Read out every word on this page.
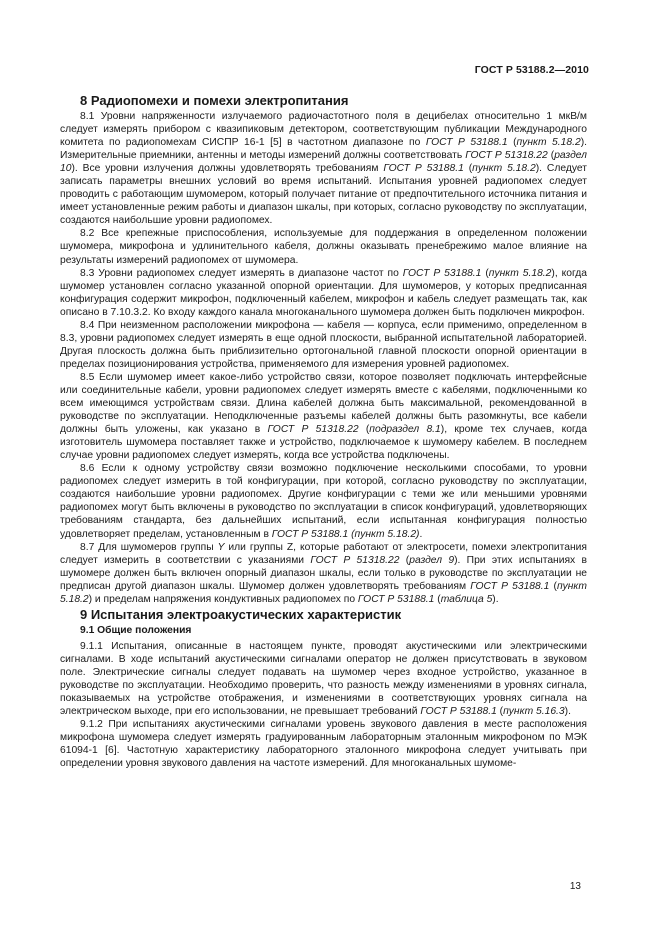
ГОСТ Р 53188.2—2010
8 Радиопомехи и помехи электропитания

8.1 Уровни напряженности излучаемого радиочастотного поля в децибелах относительно 1 мкВ/м следует измерять прибором с квазипиковым детектором, соответствующим публикации Международного комитета по радиопомехам СИСПР 16-1 [5] в частотном диапазоне по ГОСТ Р 53188.1 (пункт 5.18.2). Измерительные приемники, антенны и методы измерений должны соответствовать ГОСТ Р 51318.22 (раздел 10). Все уровни излучения должны удовлетворять требованиям ГОСТ Р 53188.1 (пункт 5.18.2). Следует записать параметры внешних условий во время испытаний. Испытания уровней радиопомех следует проводить с работающим шумомером, который получает питание от предпочтительного источника питания и имеет установленные режим работы и диапазон шкалы, при которых, согласно руководству по эксплуатации, создаются наибольшие уровни радиопомех.

8.2 Все крепежные приспособления, используемые для поддержания в определенном положении шумомера, микрофона и удлинительного кабеля, должны оказывать пренебрежимо малое влияние на результаты измерений радиопомех от шумомера.

8.3 Уровни радиопомех следует измерять в диапазоне частот по ГОСТ Р 53188.1 (пункт 5.18.2), когда шумомер установлен согласно указанной опорной ориентации. Для шумомеров, у которых предписанная конфигурация содержит микрофон, подключенный кабелем, микрофон и кабель следует размещать так, как описано в 7.10.3.2. Ко входу каждого канала многоканального шумомера должен быть подключен микрофон.

8.4 При неизменном расположении микрофона — кабеля — корпуса, если применимо, определенном в 8.3, уровни радиопомех следует измерять в еще одной плоскости, выбранной испытательной лабораторией. Другая плоскость должна быть приблизительно ортогональной главной плоскости опорной ориентации в пределах позиционирования устройства, применяемого для измерения уровней радиопомех.

8.5 Если шумомер имеет какое-либо устройство связи, которое позволяет подключать интерфейсные или соединительные кабели, уровни радиопомех следует измерять вместе с кабелями, подключенными ко всем имеющимся устройствам связи. Длина кабелей должна быть максимальной, рекомендованной в руководстве по эксплуатации. Неподключенные разъемы кабелей должны быть разомкнуты, все кабели должны быть уложены, как указано в ГОСТ Р 51318.22 (подраздел 8.1), кроме тех случаев, когда изготовитель шумомера поставляет также и устройство, подключаемое к шумомеру кабелем. В последнем случае уровни радиопомех следует измерять, когда все устройства подключены.

8.6 Если к одному устройству связи возможно подключение несколькими способами, то уровни радиопомех следует измерить в той конфигурации, при которой, согласно руководству по эксплуатации, создаются наибольшие уровни радиопомех. Другие конфигурации с теми же или меньшими уровнями радиопомех могут быть включены в руководство по эксплуатации в список конфигураций, удовлетворяющих требованиям стандарта, без дальнейших испытаний, если испытанная конфигурация полностью удовлетворяет пределам, установленным в ГОСТ Р 53188.1 (пункт 5.18.2).

8.7 Для шумомеров группы Y или группы Z, которые работают от электросети, помехи электропитания следует измерить в соответствии с указаниями ГОСТ Р 51318.22 (раздел 9). При этих испытаниях в шумомере должен быть включен опорный диапазон шкалы, если только в руководстве по эксплуатации не предписан другой диапазон шкалы. Шумомер должен удовлетворять требованиям ГОСТ Р 53188.1 (пункт 5.18.2) и пределам напряжения кондуктивных радиопомех по ГОСТ Р 53188.1 (таблица 5).

9 Испытания электроакустических характеристик
9.1 Общие положения

9.1.1 Испытания, описанные в настоящем пункте, проводят акустическими или электрическими сигналами. В ходе испытаний акустическими сигналами оператор не должен присутствовать в звуковом поле. Электрические сигналы следует подавать на шумомер через входное устройство, указанное в руководстве по эксплуатации. Необходимо проверить, что разность между изменениями в уровнях сигнала, показываемых на устройстве отображения, и изменениями в соответствующих уровнях сигнала на электрическом выходе, при его использовании, не превышает требований ГОСТ Р 53188.1 (пункт 5.16.3).

9.1.2 При испытаниях акустическими сигналами уровень звукового давления в месте расположения микрофона шумомера следует измерять градуированным лабораторным эталонным микрофоном по МЭК 61094-1 [6]. Частотную характеристику лабораторного эталонного микрофона следует учитывать при определении уровня звукового давления на частоте измерений. Для многоканальных шумоме-

13
